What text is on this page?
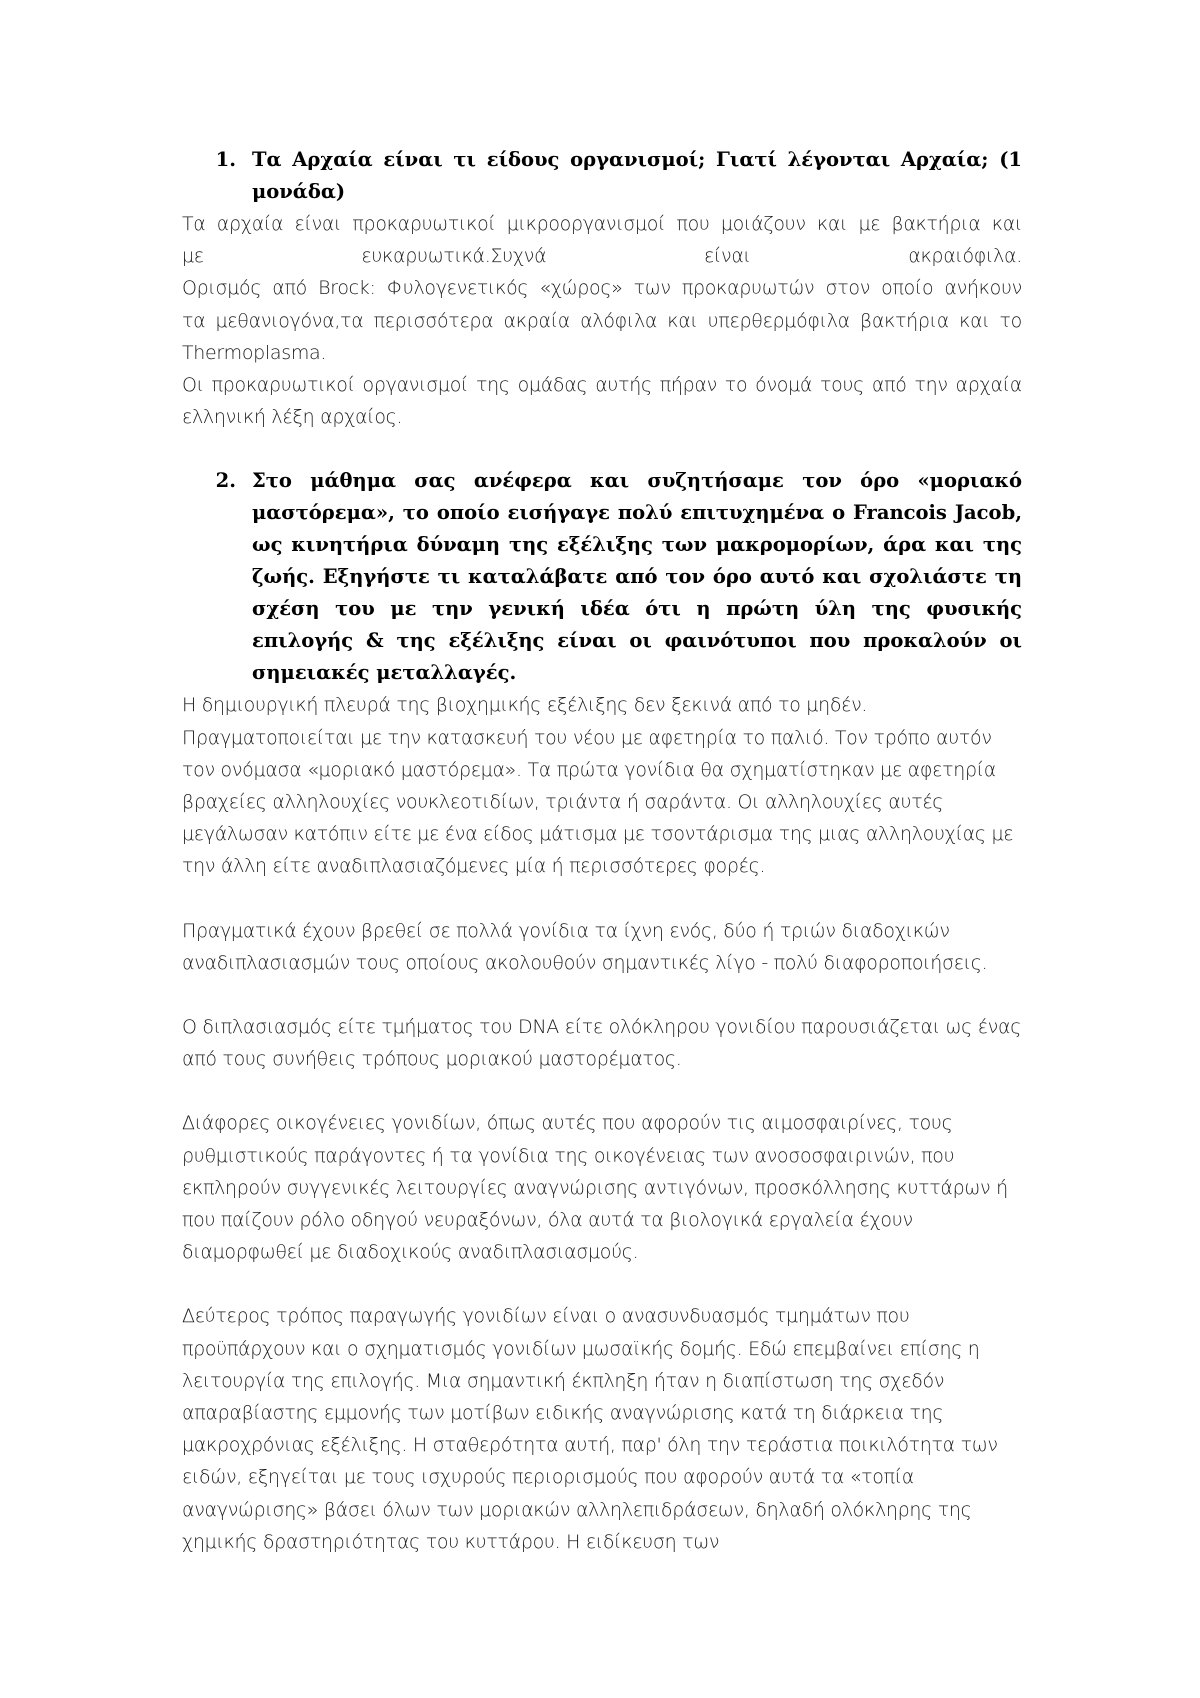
1. Τα Αρχαία είναι τι είδους οργανισμοί; Γιατί λέγονται Αρχαία; (1 μονάδα)

Τα αρχαία είναι προκαρυωτικοί μικροοργανισμοί που μοιάζουν και με βακτήρια και

με ευκαρυωτικά.Συχνά είναι ακραιόφιλα.

Ορισμός από Brock: Φυλογενετικός «χώρος» των προκαρυωτών στον οποίο ανήκουν

τα μεθανιογόνα,τα περισσότερα ακραία αλόφιλα και υπερθερμόφιλα βακτήρια και το

Thermoplasma.

Οι προκαρυωτικοί οργανισμοί της ομάδας αυτής πήραν το όνομά τους από την αρχαία

ελληνική λέξη αρχαίος.

2. Στο μάθημα σας ανέφερα και συζητήσαμε τον όρο «μοριακό μαστόρεμα», το οποίο εισήγαγε πολύ επιτυχημένα ο Francois Jacob, ως κινητήρια δύναμη της εξέλιξης των μακρομορίων, άρα και της ζωής. Εξηγήστε τι καταλάβατε από τον όρο αυτό και σχολιάστε τη σχέση του με την γενική ιδέα ότι η πρώτη ύλη της φυσικής επιλογής & της εξέλιξης είναι οι φαινότυποι που προκαλούν οι σημειακές μεταλλαγές.

Η δημιουργική πλευρά της βιοχημικής εξέλιξης δεν ξεκινά από το μηδέν. Πραγματοποιείται με την κατασκευή του νέου με αφετηρία το παλιό. Τον τρόπο αυτόν τον ονόμασα «μοριακό μαστόρεμα». Τα πρώτα γονίδια θα σχηματίστηκαν με αφετηρία βραχείες αλληλουχίες νουκλεοτιδίων, τριάντα ή σαράντα. Οι αλληλουχίες αυτές μεγάλωσαν κατόπιν είτε με ένα είδος μάτισμα με τσοντάρισμα της μιας αλληλουχίας με την άλλη είτε αναδιπλασιαζόμενες μία ή περισσότερες φορές.

Πραγματικά έχουν βρεθεί σε πολλά γονίδια τα ίχνη ενός, δύο ή τριών διαδοχικών αναδιπλασιασμών τους οποίους ακολουθούν σημαντικές λίγο - πολύ διαφοροποιήσεις.

Ο διπλασιασμός είτε τμήματος του DNA είτε ολόκληρου γονιδίου παρουσιάζεται ως ένας από τους συνήθεις τρόπους μοριακού μαστορέματος.

Διάφορες οικογένειες γονιδίων, όπως αυτές που αφορούν τις αιμοσφαιρίνες, τους ρυθμιστικούς παράγοντες ή τα γονίδια της οικογένειας των ανοσοσφαιρινών, που εκπληρούν συγγενικές λειτουργίες αναγνώρισης αντιγόνων, προσκόλλησης κυττάρων ή που παίζουν ρόλο οδηγού νευραξόνων, όλα αυτά τα βιολογικά εργαλεία έχουν διαμορφωθεί με διαδοχικούς αναδιπλασιασμούς.

Δεύτερος τρόπος παραγωγής γονιδίων είναι ο ανασυνδυασμός τμημάτων που προϋπάρχουν και ο σχηματισμός γονιδίων μωσαϊκής δομής. Εδώ επεμβαίνει επίσης η λειτουργία της επιλογής. Μια σημαντική έκπληξη ήταν η διαπίστωση της σχεδόν απαραβίαστης εμμονής των μοτίβων ειδικής αναγνώρισης κατά τη διάρκεια της μακροχρόνιας εξέλιξης. Η σταθερότητα αυτή, παρ' όλη την τεράστια ποικιλότητα των ειδών, εξηγείται με τους ισχυρούς περιορισμούς που αφορούν αυτά τα «τοπία αναγνώρισης» βάσει όλων των μοριακών αλληλεπιδράσεων, δηλαδή ολόκληρης της χημικής δραστηριότητας του κυττάρου. Η ειδίκευση των
